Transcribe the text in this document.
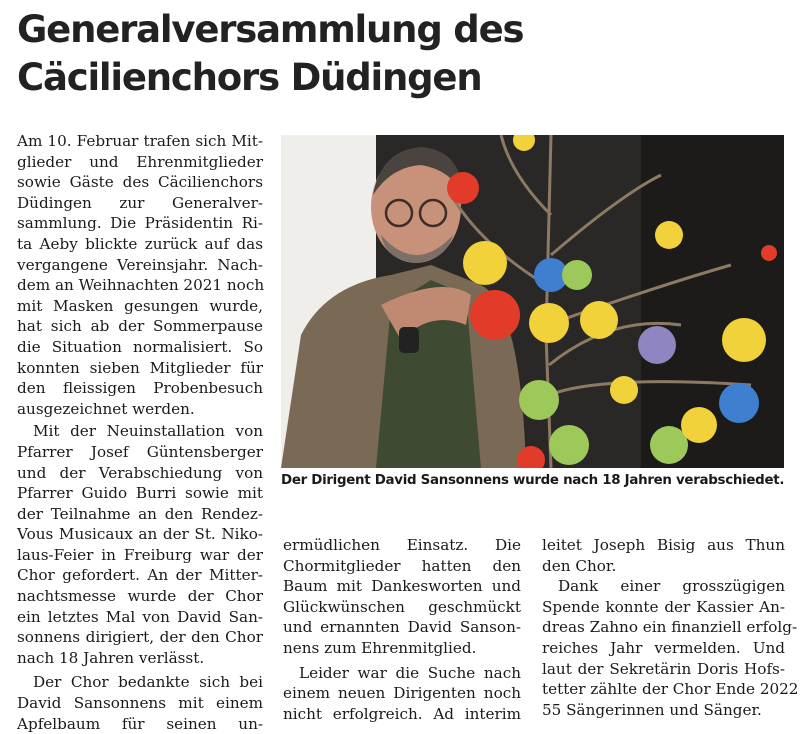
Generalversammlung des
Cäcilienchors Düdingen
Am 10. Februar trafen sich Mit-
glieder und Ehrenmitglieder
sowie Gäste des Cäcilienchors
Düdingen zur Generalver-
sammlung. Die Präsidentin Ri-
ta Aeby blickte zurück auf das
vergangene Vereinsjahr. Nach-
dem an Weihnachten 2021 noch
mit Masken gesungen wurde,
hat sich ab der Sommerpause
die Situation normalisiert. So
konnten sieben Mitglieder für
den fleissigen Probenbesuch
ausgezeichnet werden.
Mit der Neuinstallation von
Pfarrer Josef Güntensberger
und der Verabschiedung von
Pfarrer Guido Burri sowie mit
der Teilnahme an den Rendez-
Vous Musicaux an der St. Niko-
laus-Feier in Freiburg war der
Chor gefordert. An der Mitter-
nachtsmesse wurde der Chor
ein letztes Mal von David San-
sonnens dirigiert, der den Chor
nach 18 Jahren verlässt.
Der Chor bedankte sich bei
David Sansonnens mit einem
Apfelbaum für seinen un-
Der Dirigent David Sansonnens wurde nach 18 Jahren verabschiedet.
ermüdlichen Einsatz. Die
Chormitglieder hatten den
Baum mit Dankesworten und
Glückwünschen geschmückt
und ernannten David Sanson-
nens zum Ehrenmitglied.
Leider war die Suche nach
einem neuen Dirigenten noch
nicht erfolgreich. Ad interim
leitet Joseph Bisig aus Thun
den Chor.
Dank einer grosszügigen
Spende konnte der Kassier An-
dreas Zahno ein finanziell erfolg-
reiches Jahr vermelden. Und
laut der Sekretärin Doris Hofs-
tetter zählte der Chor Ende 2022
55 Sängerinnen und Sänger.
